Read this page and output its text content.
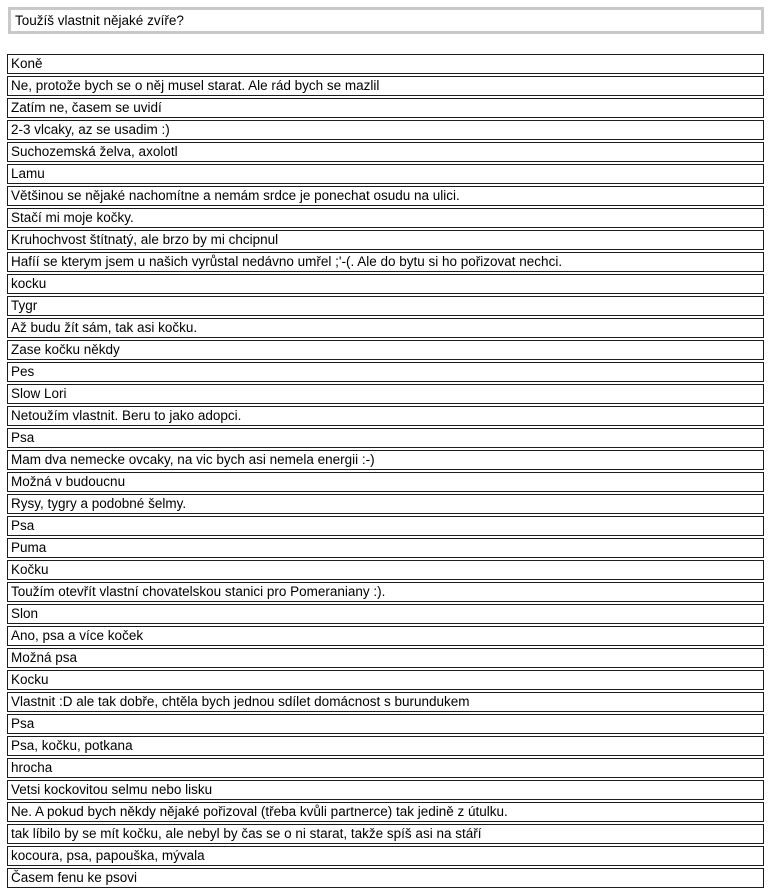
Toužíš vlastnit nějaké zvíře?
Koně
Ne, protože bych se o něj musel starat. Ale rád bych se mazlil
Zatím ne, časem se uvidí
2-3 vlcaky, az se usadim :)
Suchozemská želva, axolotl
Lamu
Většinou se nějaké nachomítne a nemám srdce je ponechat osudu na ulici.
Stačí mi moje kočky.
Kruhochvost štítnatý, ale brzo by mi chcipnul
Hafíí se kterym jsem u našich vyrůstal nedávno umřel ;'-(. Ale do bytu si ho pořizovat nechci.
kocku
Tygr
Až budu žít sám, tak asi kočku.
Zase kočku někdy
Pes
Slow Lori
Netoužím vlastnit. Beru to jako adopci.
Psa
Mam dva nemecke ovcaky, na vic bych asi nemela energii :-)
Možná v budoucnu
Rysy, tygry a podobné šelmy.
Psa
Puma
Kočku
Toužím otevřít vlastní chovatelskou stanici pro Pomeraniany :).
Slon
Ano, psa a více koček
Možná psa
Kocku
Vlastnit :D ale tak dobře, chtěla bych jednou sdílet domácnost s burundukem
Psa
Psa, kočku, potkana
hrocha
Vetsi kockovitou selmu nebo lisku
Ne. A pokud bych někdy nějaké pořizoval (třeba kvůli partnerce) tak jedině z útulku.
tak líbilo by se mít kočku, ale nebyl by čas se o ni starat, takže spíš asi na stáří
kocoura, psa, papouška, mývala
Časem fenu ke psovi
